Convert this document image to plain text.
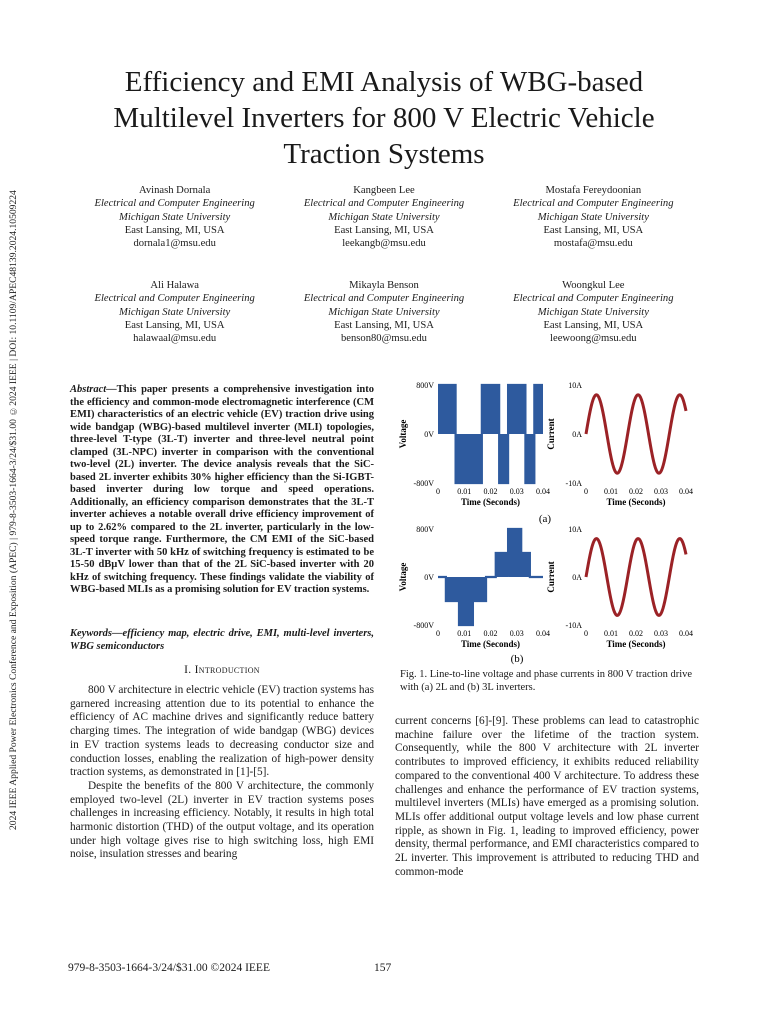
2024 IEEE Applied Power Electronics Conference and Exposition (APEC) | 979-8-3503-1664-3/24/$31.00 ©2024 IEEE | DOI: 10.1109/APEC48139.2024.10509224
Efficiency and EMI Analysis of WBG-based
Multilevel Inverters for 800 V Electric Vehicle
Traction Systems
Avinash Dornala
Electrical and Computer Engineering
Michigan State University
East Lansing, MI, USA
dornala1@msu.edu
Kangbeen Lee
Electrical and Computer Engineering
Michigan State University
East Lansing, MI, USA
leekangb@msu.edu
Mostafa Fereydoonian
Electrical and Computer Engineering
Michigan State University
East Lansing, MI, USA
mostafa@msu.edu
Ali Halawa
Electrical and Computer Engineering
Michigan State University
East Lansing, MI, USA
halawaal@msu.edu
Mikayla Benson
Electrical and Computer Engineering
Michigan State University
East Lansing, MI, USA
benson80@msu.edu
Woongkul Lee
Electrical and Computer Engineering
Michigan State University
East Lansing, MI, USA
leewoong@msu.edu
Abstract—This paper presents a comprehensive investigation into the efficiency and common-mode electromagnetic interference (CM EMI) characteristics of an electric vehicle (EV) traction drive using wide bandgap (WBG)-based multilevel inverter (MLI) topologies, three-level T-type (3L-T) inverter and three-level neutral point clamped (3L-NPC) inverter in comparison with the conventional two-level (2L) inverter. The device analysis reveals that the SiC-based 2L inverter exhibits 30% higher efficiency than the Si-IGBT-based inverter during low torque and speed operations. Additionally, an efficiency comparison demonstrates that the 3L-T inverter achieves a notable overall drive efficiency improvement of up to 2.62% compared to the 2L inverter, particularly in the low-speed torque range. Furthermore, the CM EMI of the SiC-based 3L-T inverter with 50 kHz of switching frequency is estimated to be 15-50 dBµV lower than that of the 2L SiC-based inverter with 20 kHz of switching frequency. These findings validate the viability of WBG-based MLIs as a promising solution for EV traction systems.
Keywords—efficiency map, electric drive, EMI, multi-level inverters, WBG semiconductors
I. Introduction

800 V architecture in electric vehicle (EV) traction systems has garnered increasing attention due to its potential to enhance the efficiency of AC machine drives and significantly reduce battery charging times. The integration of wide bandgap (WBG) devices in EV traction systems leads to decreasing conductor size and conduction losses, enabling the realization of high-power density traction systems, as demonstrated in [1]-[5].

Despite the benefits of the 800 V architecture, the commonly employed two-level (2L) inverter in EV traction systems poses challenges in increasing efficiency. Notably, it results in high total harmonic distortion (THD) of the output voltage, and its operation under high voltage gives rise to high switching loss, high EMI noise, insulation stresses and bearing

800V
0V
-800V
0 0.01 0.02 0.03 0.04
Time (Seconds)
Voltage
10A
0A
-10A
0 0.01 0.02 0.03 0.04
Time (Seconds)
Current
800V
0V
-800V
0 0.01 0.02 0.03 0.04
Time (Seconds)
Voltage
10A
0A
-10A
0 0.01 0.02 0.03 0.04
Time (Seconds)
Current
(a)
(b)
Fig. 1. Line-to-line voltage and phase currents in 800 V traction drive with (a) 2L and (b) 3L inverters.

current concerns [6]-[9]. These problems can lead to catastrophic machine failure over the lifetime of the traction system. Consequently, while the 800 V architecture with 2L inverter contributes to improved efficiency, it exhibits reduced reliability compared to the conventional 400 V architecture. To address these challenges and enhance the performance of EV traction systems, multilevel inverters (MLIs) have emerged as a promising solution. MLIs offer additional output voltage levels and low phase current ripple, as shown in Fig. 1, leading to improved efficiency, power density, thermal performance, and EMI characteristics compared to 2L inverter. This improvement is attributed to reducing THD and common-mode

979-8-3503-1664-3/24/$31.00 ©2024 IEEE	157
